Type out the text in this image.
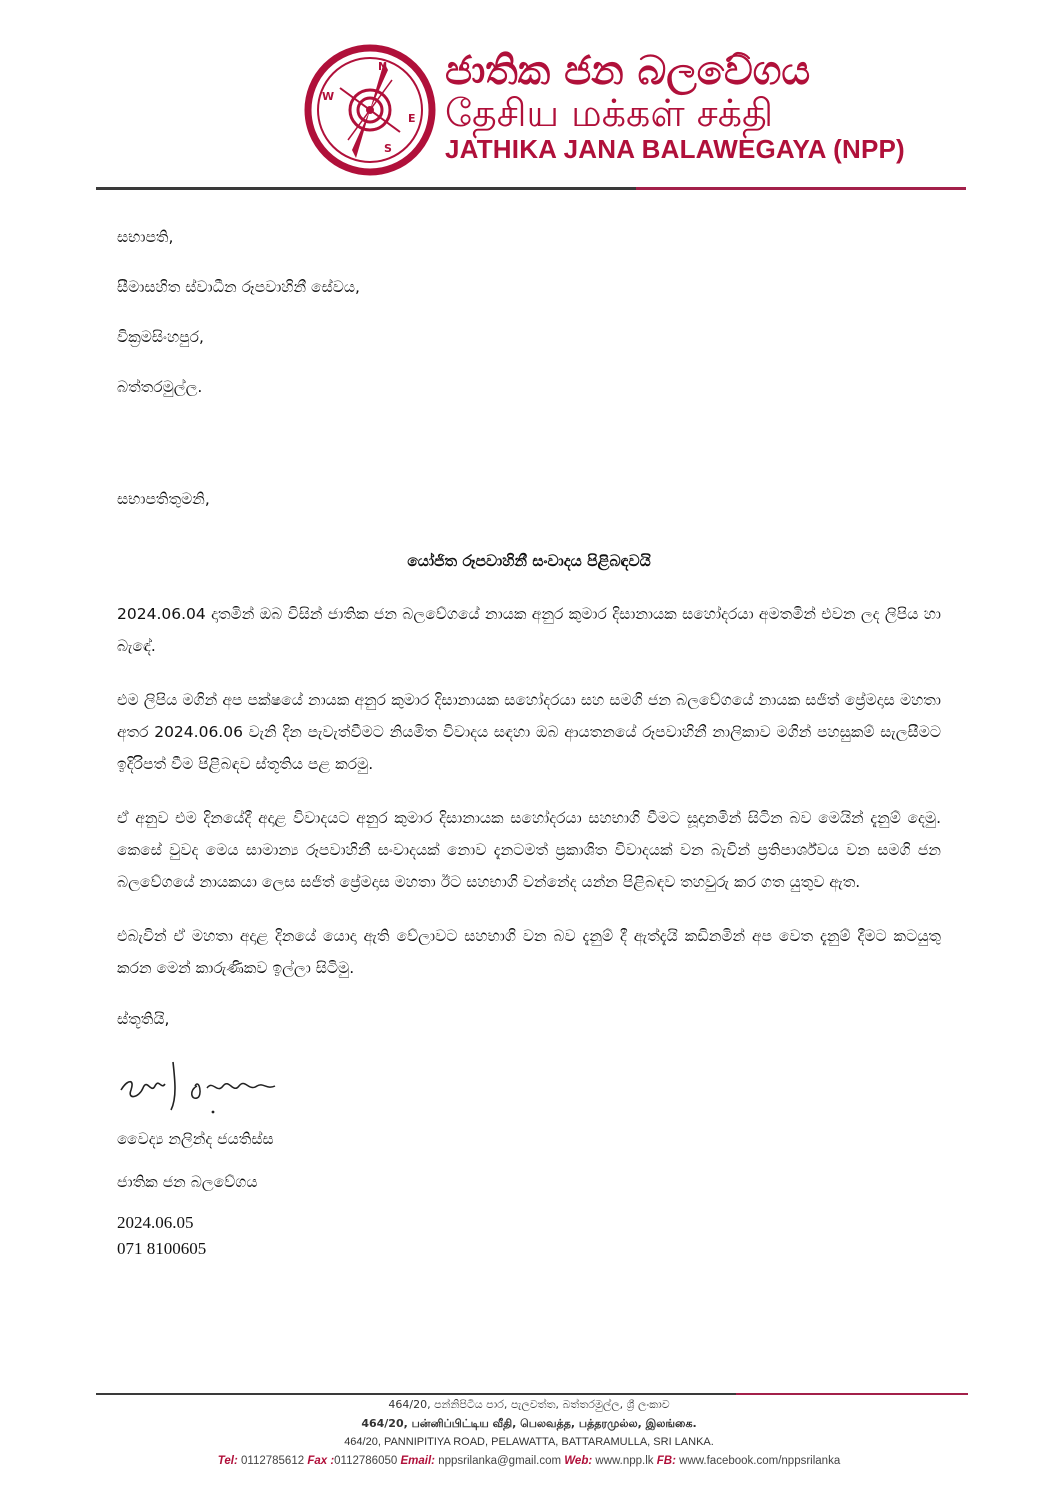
N
E
S
W
ජාතික ජන බලවේගය
தேசிய மக்கள் சக்தி
JATHIKA JANA BALAWEGAYA (NPP)
සභාපති,
සීමාසහිත ස්වාධීන රූපවාහිනී සේවය,
වික්‍රමසිංහපුර,
බත්තරමුල්ල.
සභාපතිතුමනි,
යෝජිත රූපවාහිනී සංවාදය පිළිබඳවයි
2024.06.04 දාතමින් ඔබ විසින් ජාතික ජන බලවේගයේ නායක අනුර කුමාර දිසානායක සහෝදරයා අමතමින් එවන ලද ලිපිය හා බැඳේ.
එම ලිපිය මගින් අප පක්ෂයේ නායක අනුර කුමාර දිසානායක සහෝදරයා සහ සමගි ජන බලවේගයේ නායක සජිත් ප්‍රේමදාස මහතා අතර 2024.06.06 වැනි දින පැවැත්වීමට නියමිත විවාදය සඳහා ඔබ ආයතනයේ රූපවාහිනී නාලිකාව මගින් පහසුකම් සැලසීමට ඉදිරිපත් වීම පිළිබඳව ස්තූතිය පළ කරමු.
ඒ අනුව එම දිනයේදී අදාළ විවාදයට අනුර කුමාර දිසානායක සහෝදරයා සහභාගි වීමට සූදානමින් සිටින බව මෙයින් දැනුම් දෙමු. කෙසේ වුවද මෙය සාමාන්‍ය රූපවාහිනී සංවාදයක් නොව දැනටමත් ප්‍රකාශිත විවාදයක් වන බැවින් ප්‍රතිපාර්ශ්වය වන සමගි ජන බලවේගයේ නායකයා ලෙස සජිත් ප්‍රේමදාස මහතා ඊට සහභාගි වන්නේද යන්න පිළිබඳව තහවුරු කර ගත යුතුව ඇත.
එබැවින් ඒ මහතා අදාළ දිනයේ යොදා ඇති වේලාවට සහභාගි වන බව දැනුම් දී ඇත්දැයි කඩිනමින් අප වෙත දැනුම් දීමට කටයුතු කරන මෙන් කාරුණිකව ඉල්ලා සිටිමු.
ස්තූතියි,
වෛද්‍ය නලින්ද ජයතිස්ස
ජාතික ජන බලවේගය
2024.06.05
071 8100605
464/20, පන්නිපිටිය පාර, පැලවත්ත, බත්තරමුල්ල, ශ්‍රී ලංකාව
464/20, பன்னிப்பிட்டிய வீதி, பெலவத்த, பத்தரமுல்ல, இலங்கை.
464/20, PANNIPITIYA ROAD, PELAWATTA, BATTARAMULLA, SRI LANKA.
Tel: 0112785612 Fax :0112786050 Email: nppsrilanka@gmail.com Web: www.npp.lk FB: www.facebook.com/nppsrilanka
